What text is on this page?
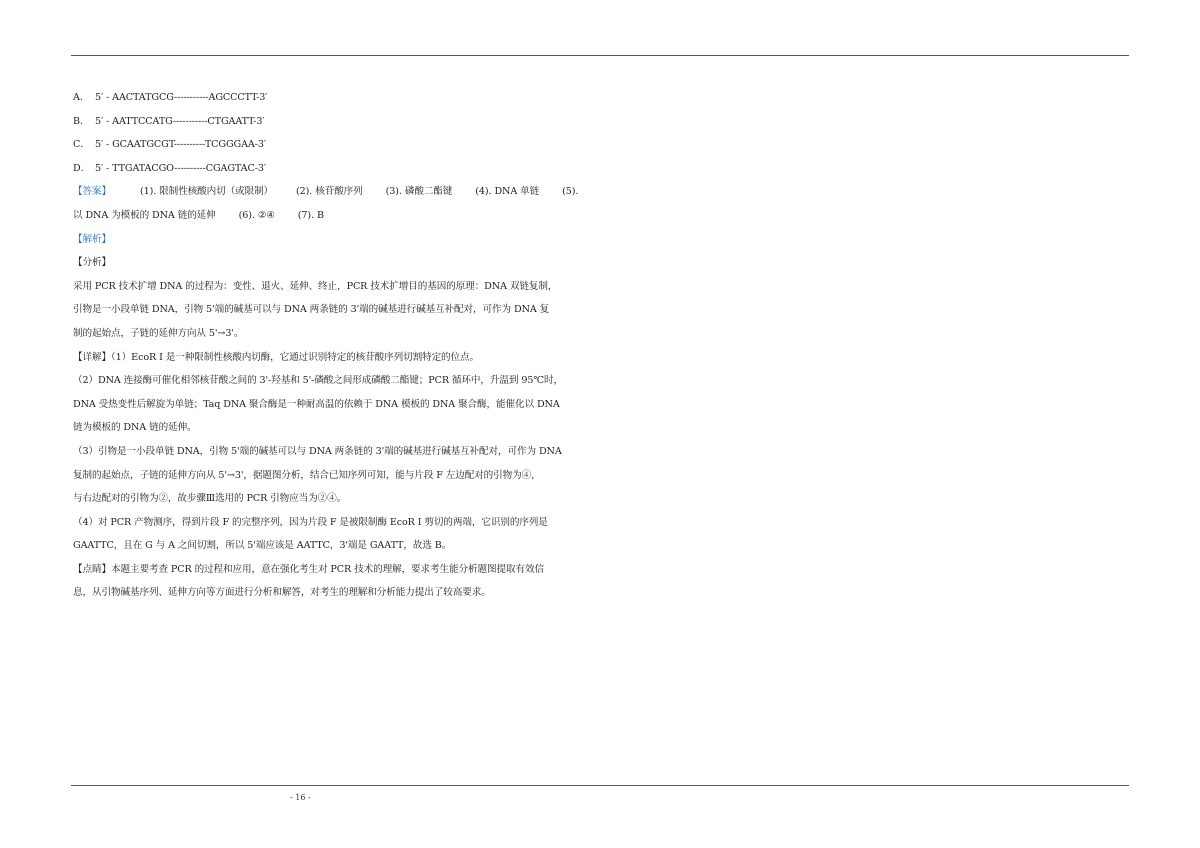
A． 5′ - AACTATGCG-----------AGCCCTT-3′
B． 5′ - AATTCCATG-----------CTGAATT-3′
C． 5′ - GCAATGCGT----------TCGGGAA-3′
D． 5′ - TTGATACGO----------CGAGTAC-3′
【答案】	(1). 限制性核酸内切（或限制） (2). 核苷酸序列 (3). 磷酸二酯键 (4). DNA 单链 (5).
以 DNA 为模板的 DNA 链的延伸 (6). ②④ (7). B
【解析】
【分析】
采用 PCR 技术扩增 DNA 的过程为：变性、退火、延伸、终止，PCR 技术扩增目的基因的原理：DNA 双链复制，
引物是一小段单链 DNA，引物 5'端的碱基可以与 DNA 两条链的 3'端的碱基进行碱基互补配对，可作为 DNA 复
制的起始点，子链的延伸方向从 5'→3'。
【详解】（1）EcoR I 是一种限制性核酸内切酶，它通过识别特定的核苷酸序列切割特定的位点。
（2）DNA 连接酶可催化相邻核苷酸之间的 3'-羟基和 5'-磷酸之间形成磷酸二酯键；PCR 循环中，升温到 95℃时，
DNA 受热变性后解旋为单链；Taq DNA 聚合酶是一种耐高温的依赖于 DNA 模板的 DNA 聚合酶，能催化以 DNA
链为模板的 DNA 链的延伸。
（3）引物是一小段单链 DNA，引物 5'端的碱基可以与 DNA 两条链的 3'端的碱基进行碱基互补配对，可作为 DNA
复制的起始点，子链的延伸方向从 5'→3'，据题图分析，结合已知序列可知，能与片段 F 左边配对的引物为④，
与右边配对的引物为②，故步骤Ⅲ选用的 PCR 引物应当为②④。
（4）对 PCR 产物测序，得到片段 F 的完整序列，因为片段 F 是被限制酶 EcoR I 剪切的两端，它识别的序列是
GAATTC，且在 G 与 A 之间切割，所以 5'端应该是 AATTC，3'端是 GAATT，故选 B。
【点睛】本题主要考查 PCR 的过程和应用，意在强化考生对 PCR 技术的理解，要求考生能分析题图提取有效信
息，从引物碱基序列、延伸方向等方面进行分析和解答，对考生的理解和分析能力提出了较高要求。
- 16 -
